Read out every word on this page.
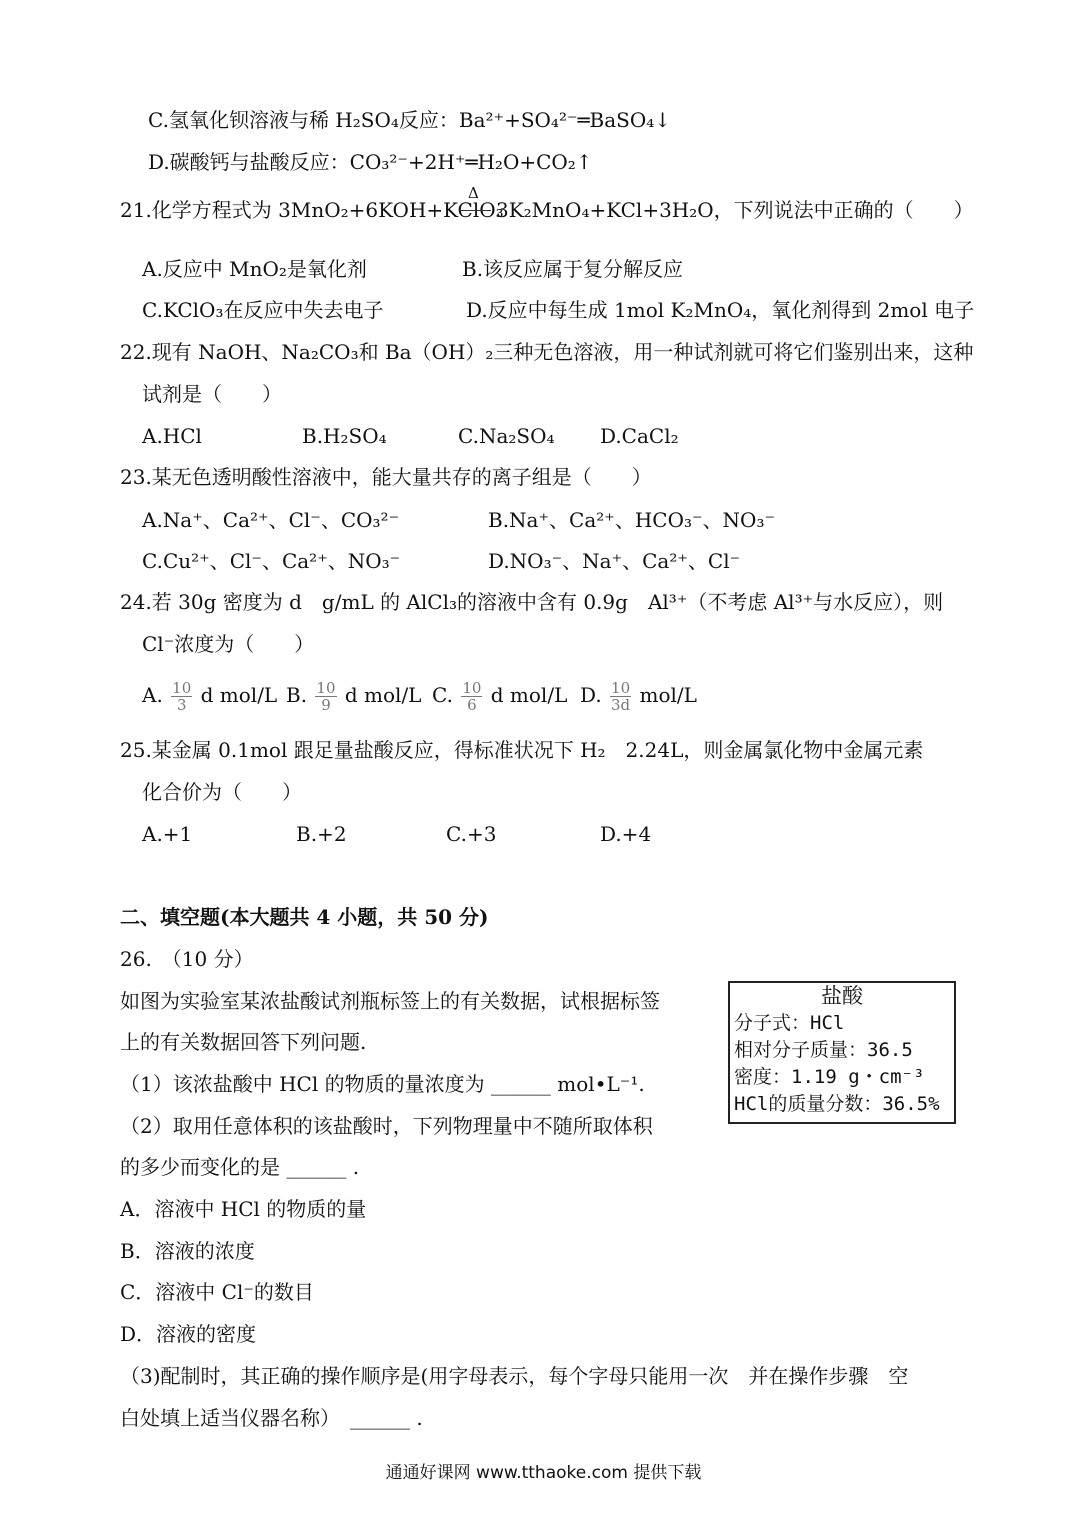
C.氢氧化钡溶液与稀 H₂SO₄反应：Ba²⁺+SO₄²⁻═BaSO₄↓
D.碳酸钙与盐酸反应：CO₃²⁻+2H⁺═H₂O+CO₂↑
21.化学方程式为 3MnO₂+6KOH+KClO₃
Δ
3K₂MnO₄+KCl+3H₂O，下列说法中正确的（　　）
A.反应中 MnO₂是氧化剂	B.该反应属于复分解反应
C.KClO₃在反应中失去电子	D.反应中每生成 1mol K₂MnO₄，氧化剂得到 2mol 电子
22.现有 NaOH、Na₂CO₃和 Ba（OH）₂三种无色溶液，用一种试剂就可将它们鉴别出来，这种
试剂是（　　）
A.HCl	B.H₂SO₄	C.Na₂SO₄ D.CaCl₂
23.某无色透明酸性溶液中，能大量共存的离子组是（　　）
A.Na⁺、Ca²⁺、Cl⁻、CO₃²⁻	B.Na⁺、Ca²⁺、HCO₃⁻、NO₃⁻
C.Cu²⁺、Cl⁻、Ca²⁺、NO₃⁻	D.NO₃⁻、Na⁺、Ca²⁺、Cl⁻
24.若 30g 密度为 d　g/mL 的 AlCl₃的溶液中含有 0.9g　Al³⁺（不考虑 Al³⁺与水反应），则
Cl⁻浓度为（　　）
A. $\frac{10}{3}$ d mol/L B. $\frac{10}{9}$ d mol/L C. $\frac{10}{6}$ d mol/L D. $\frac{10}{3d} mol/L$
25.某金属 0.1mol 跟足量盐酸反应，得标准状况下 H₂　2.24L，则金属氯化物中金属元素
化合价为（　　）
A.+1	B.+2	C.+3	D.+4
二、填空题(本大题共 4 小题，共 50 分)
26.　（10 分）
如图为实验室某浓盐酸试剂瓶标签上的有关数据，试根据标签
上的有关数据回答下列问题.
（1）该浓盐酸中 HCl 的物质的量浓度为 ______ mol•L⁻¹.
（2）取用任意体积的该盐酸时，下列物理量中不随所取体积
的多少而变化的是 ______ .
A．溶液中 HCl 的物质的量
B．溶液的浓度
C．溶液中 Cl⁻的数目
D．溶液的密度
（3)配制时，其正确的操作顺序是(用字母表示，每个字母只能用一次　并在操作步骤　空
白处填上适当仪器名称）　______ .
盐酸
分子式：HCl
相对分子质量：36.5
密度：1.19 g・cm⁻³
HCl的质量分数：36.5%
通通好课网 www.tthaoke.com 提供下载
